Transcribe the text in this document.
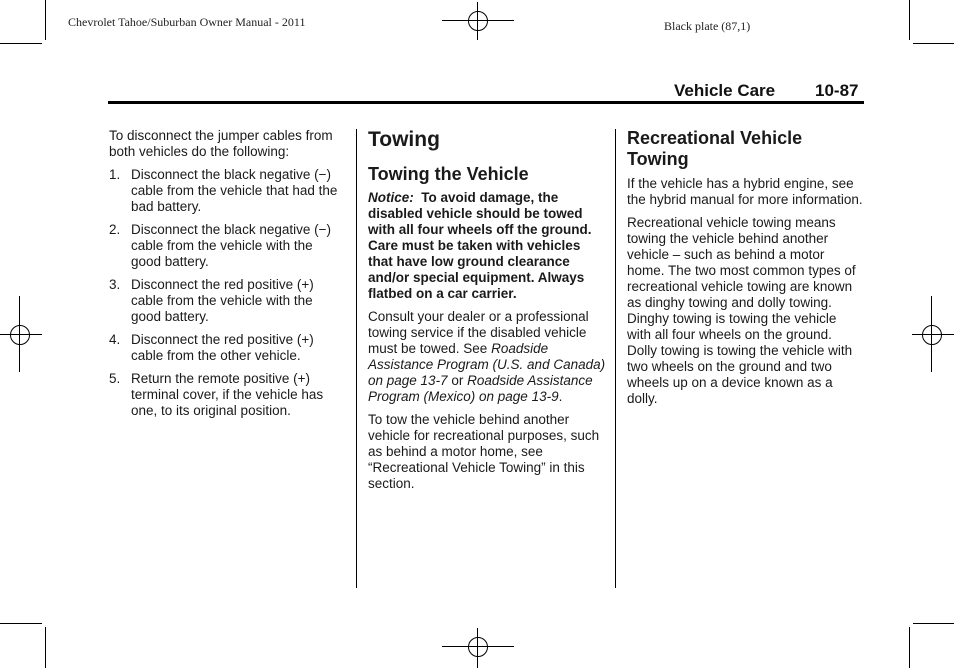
Chevrolet Tahoe/Suburban Owner Manual - 2011	Black plate (87,1)
Vehicle Care 10-87

To disconnect the jumper cables from both vehicles do the following:

1. Disconnect the black negative (−) cable from the vehicle that had the bad battery.
2. Disconnect the black negative (−) cable from the vehicle with the good battery.
3. Disconnect the red positive (+) cable from the vehicle with the good battery.
4. Disconnect the red positive (+) cable from the other vehicle.
5. Return the remote positive (+) terminal cover, if the vehicle has one, to its original position.
Towing
Towing the Vehicle

Notice: To avoid damage, the disabled vehicle should be towed with all four wheels off the ground. Care must be taken with vehicles that have low ground clearance and/or special equipment. Always flatbed on a car carrier.

Consult your dealer or a professional towing service if the disabled vehicle must be towed. See Roadside Assistance Program (U.S. and Canada) on page 13-7 or Roadside Assistance Program (Mexico) on page 13-9.

To tow the vehicle behind another vehicle for recreational purposes, such as behind a motor home, see “Recreational Vehicle Towing” in this section.

Recreational Vehicle Towing

If the vehicle has a hybrid engine, see the hybrid manual for more information.

Recreational vehicle towing means towing the vehicle behind another vehicle – such as behind a motor home. The two most common types of recreational vehicle towing are known as dinghy towing and dolly towing. Dinghy towing is towing the vehicle with all four wheels on the ground. Dolly towing is towing the vehicle with two wheels on the ground and two wheels up on a device known as a dolly.
